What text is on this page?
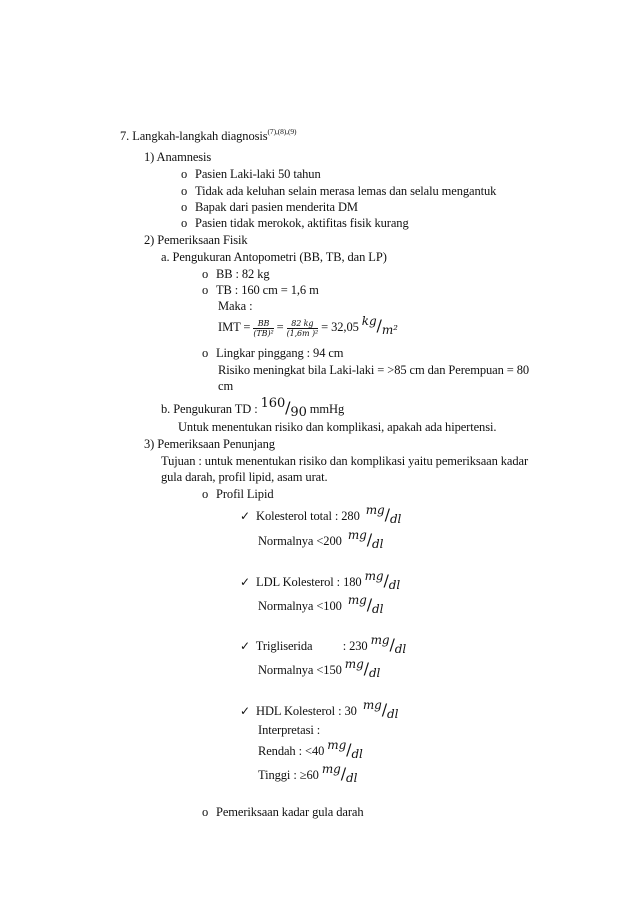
7. Langkah-langkah diagnosis$^{(7),(8),(9)}$
1) Anamnesis
o Pasien Laki-laki 50 tahun
o Tidak ada keluhan selain merasa lemas dan selalu mengantuk
o Bapak dari pasien menderita DM
o Pasien tidak merokok, aktifitas fisik kurang
2) Pemeriksaan Fisik
a. Pengukuran Antopometri (BB, TB, dan LP)
o BB : 82 kg
o TB : 160 cm = 1,6 m
Maka :
IMT = $\frac{BB}{\text{(TB)²}} = \frac{82 kg}{\text{(1,6m )²}} = 32,05$ kg/m²
o Lingkar pinggang : 94 cm
Risiko meningkat bila Laki-laki = >85 cm dan Perempuan = 80
cm
b. Pengukuran TD : 160/90 mmHg
Untuk menentukan risiko dan komplikasi, apakah ada hipertensi.
3) Pemeriksaan Penunjang
Tujuan : untuk menentukan risiko dan komplikasi yaitu pemeriksaan kadar
gula darah, profil lipid, asam urat.
o Profil Lipid
✓ Kolesterol total : 280 mg/dl
Normalnya <200 mg/dl
✓ LDL Kolesterol : 180 mg/dl
Normalnya <100 mg/dl
✓ Trigliserida          : 230 mg/dl
Normalnya <150 mg/dl
✓ HDL Kolesterol : 30 mg/dl
Interpretasi :
Rendah : <40 mg/dl
Tinggi : ≥60 mg/dl
o Pemeriksaan kadar gula darah
